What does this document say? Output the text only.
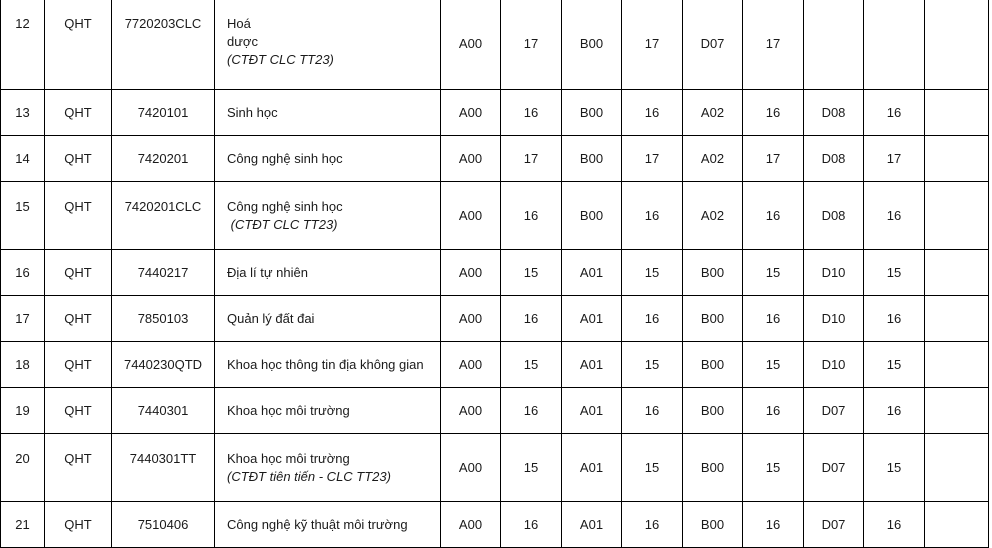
12	QHT	7720203CLC	Hoá
dược
(CTĐT CLC TT23)	A00	17	B00	17	D07	17			
13	QHT	7420101	Sinh học	A00	16	B00	16	A02	16	D08	16	
14	QHT	7420201	Công nghệ sinh học	A00	17	B00	17	A02	17	D08	17	
15	QHT	7420201CLC	Công nghệ sinh học
(CTĐT CLC TT23)	A00	16	B00	16	A02	16	D08	16	
16	QHT	7440217	Địa lí tự nhiên	A00	15	A01	15	B00	15	D10	15	
17	QHT	7850103	Quản lý đất đai	A00	16	A01	16	B00	16	D10	16	
18	QHT	7440230QTD	Khoa học thông tin địa không gian	A00	15	A01	15	B00	15	D10	15	
19	QHT	7440301	Khoa học môi trường	A00	16	A01	16	B00	16	D07	16	
20	QHT	7440301TT	Khoa học môi trường
(CTĐT tiên tiến - CLC TT23)	A00	15	A01	15	B00	15	D07	15	
21	QHT	7510406	Công nghệ kỹ thuật môi trường	A00	16	A01	16	B00	16	D07	16	
